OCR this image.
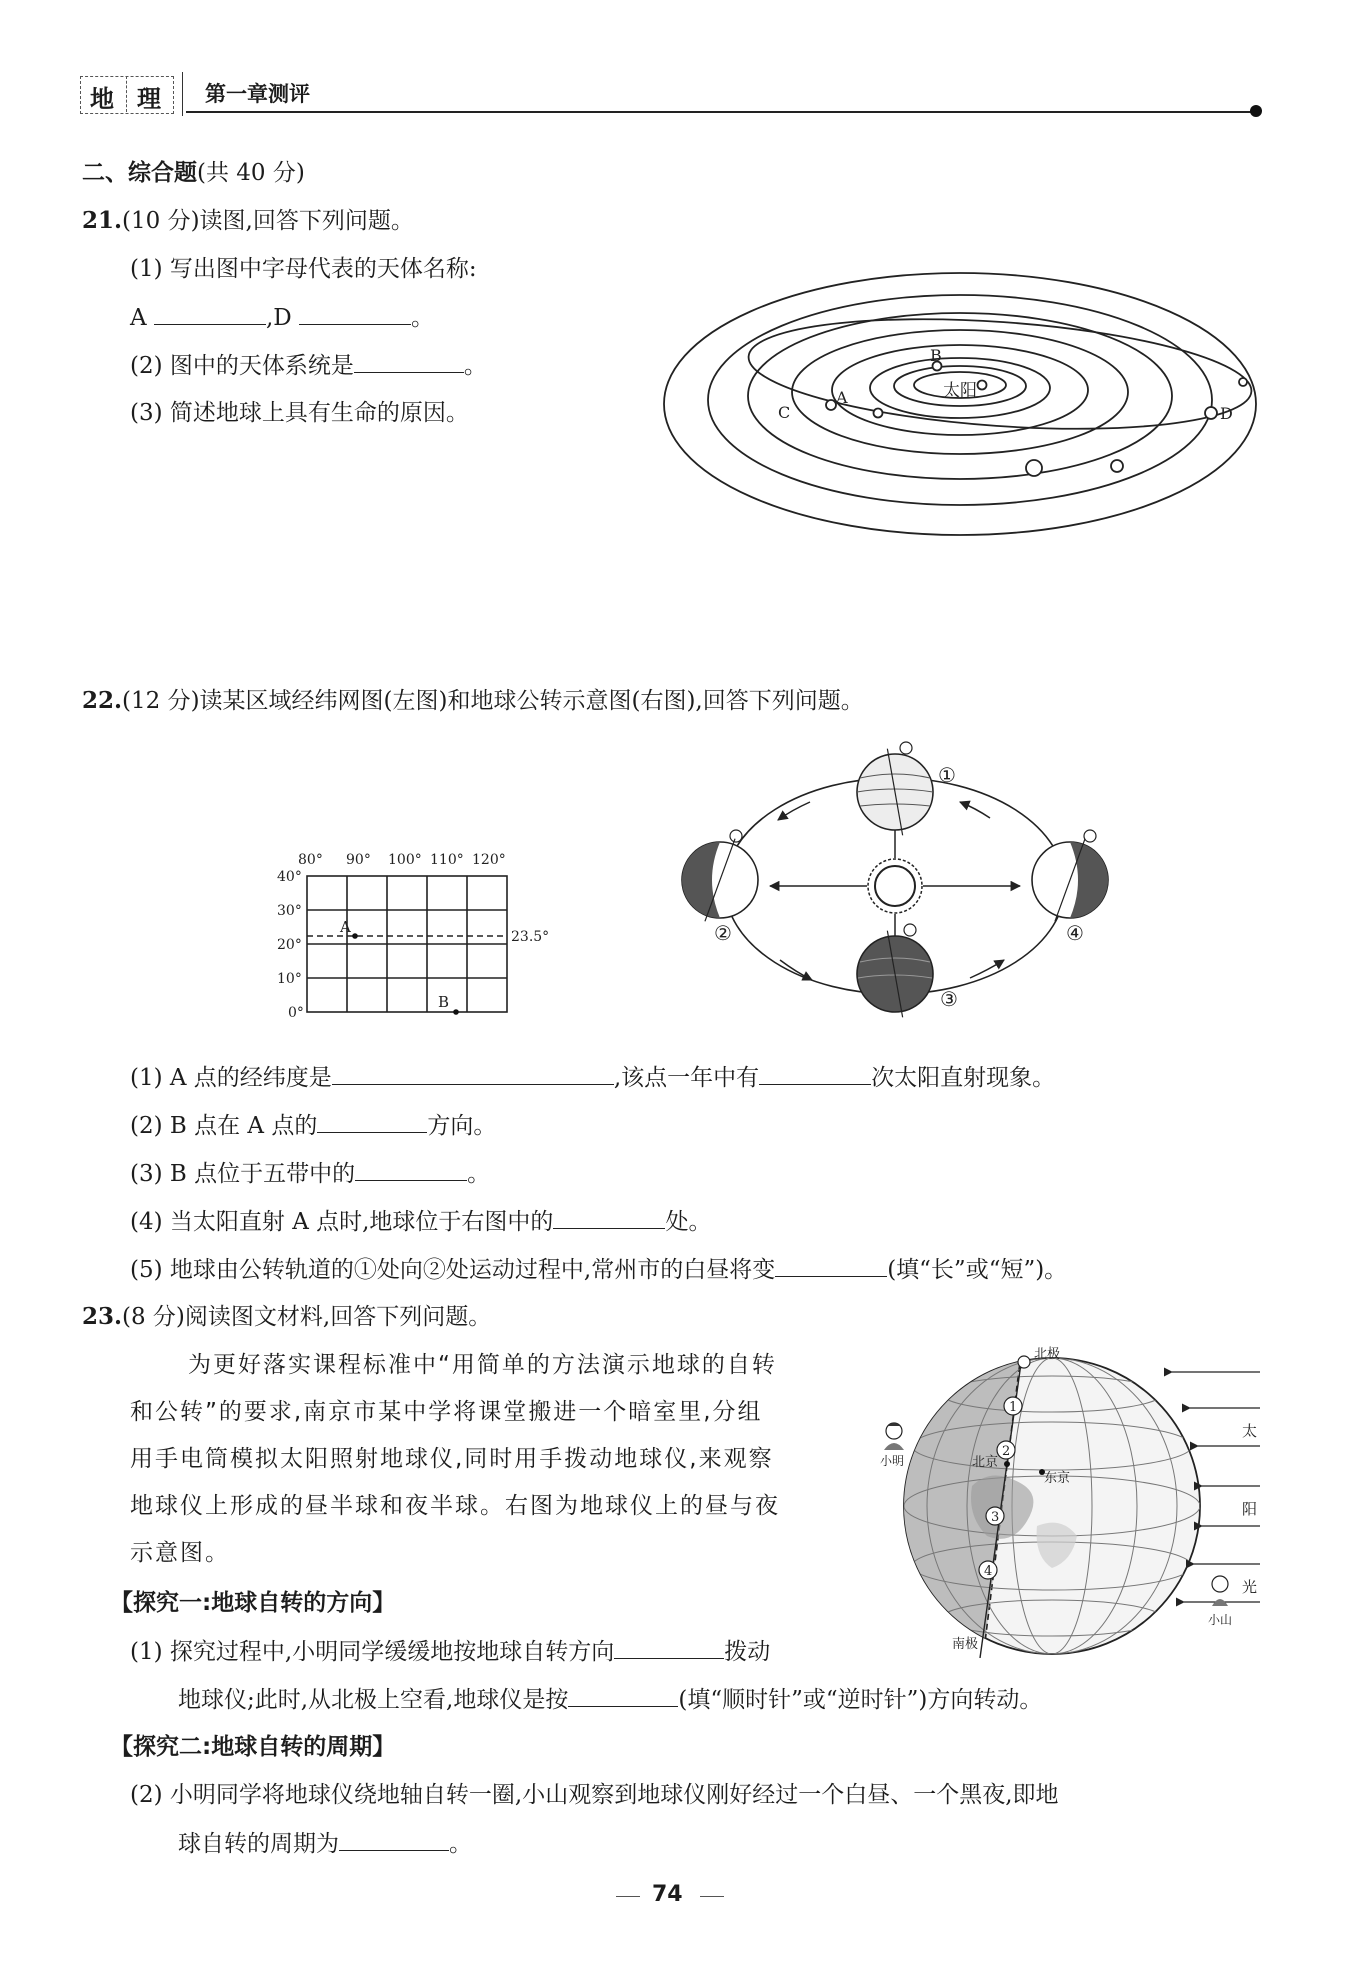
地 理 第一章测评
二、综合题(共 40 分)
21.(10 分)读图,回答下列问题。
(1) 写出图中字母代表的天体名称:
A	,D	。
(2) 图中的天体系统是	。
(3) 简述地球上具有生命的原因。
太阳
A
B
C	D
22.(12 分)读某区域经纬网图(左图)和地球公转示意图(右图),回答下列问题。
80° 90° 100° 110° 120°
40°
30°
20°
10°
0°
23.5°
A
B
①
②
③
④
(1) A 点的经纬度是	,该点一年中有	次太阳直射现象。
(2) B 点在 A 点的	方向。
(3) B 点位于五带中的	。
(4) 当太阳直射 A 点时,地球位于右图中的	处。
(5) 地球由公转轨道的①处向②处运动过程中,常州市的白昼将变	(填“长”或“短”)。
23.(8 分)阅读图文材料,回答下列问题。
为更好落实课程标准中“用简单的方法演示地球的自转
和公转”的要求,南京市某中学将课堂搬进一个暗室里,分组
用手电筒模拟太阳照射地球仪,同时用手拨动地球仪,来观察
地球仪上形成的昼半球和夜半球。右图为地球仪上的昼与夜
示意图。
【探究一:地球自转的方向】
(1) 探究过程中,小明同学缓缓地按地球自转方向	拨动
地球仪;此时,从北极上空看,地球仪是按	(填“顺时针”或“逆时针”)方向转动。
【探究二:地球自转的周期】
(2) 小明同学将地球仪绕地轴自转一圈,小山观察到地球仪刚好经过一个白昼、一个黑夜,即地
球自转的周期为	。
北极
南极
北京
东京
1
2
3
4
太
阳
光
小山
小明
74
